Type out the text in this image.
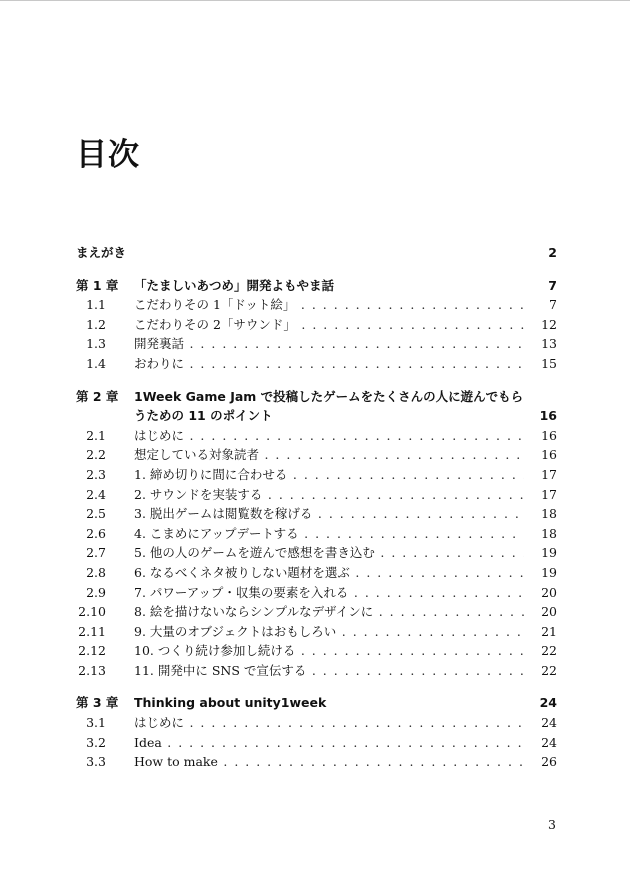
目次
まえがき	2
第 1 章 「たましいあつめ」開発よもやま話	7
1.1 こだわりその 1「ドット絵」 . . .	7
1.2 こだわりその 2「サウンド」 . . .	12
1.3 開発裏話 . . .	13
1.4 おわりに . . .	15
第 2 章 1Week Game Jam で投稿したゲームをたくさんの人に遊んでもら
うための 11 のポイント	16
2.1 はじめに . . .	16
2.2 想定している対象読者 . . .	16
2.3 1. 締め切りに間に合わせる . . .	17
2.4 2. サウンドを実装する . . .	17
2.5 3. 脱出ゲームは閲覧数を稼げる . . .	18
2.6 4. こまめにアップデートする . . .	18
2.7 5. 他の人のゲームを遊んで感想を書き込む . . .	19
2.8 6. なるべくネタ被りしない題材を選ぶ . . .	19
2.9 7. パワーアップ・収集の要素を入れる . . .	20
2.10 8. 絵を描けないならシンプルなデザインに . . .	20
2.11 9. 大量のオブジェクトはおもしろい . . .	21
2.12 10. つくり続け参加し続ける . . .	22
2.13 11. 開発中に SNS で宣伝する . . .	22
第 3 章 Thinking about unity1week	24
3.1 はじめに . . .	24
3.2 Idea . . .	24
3.3 How to make . . .	26
3
